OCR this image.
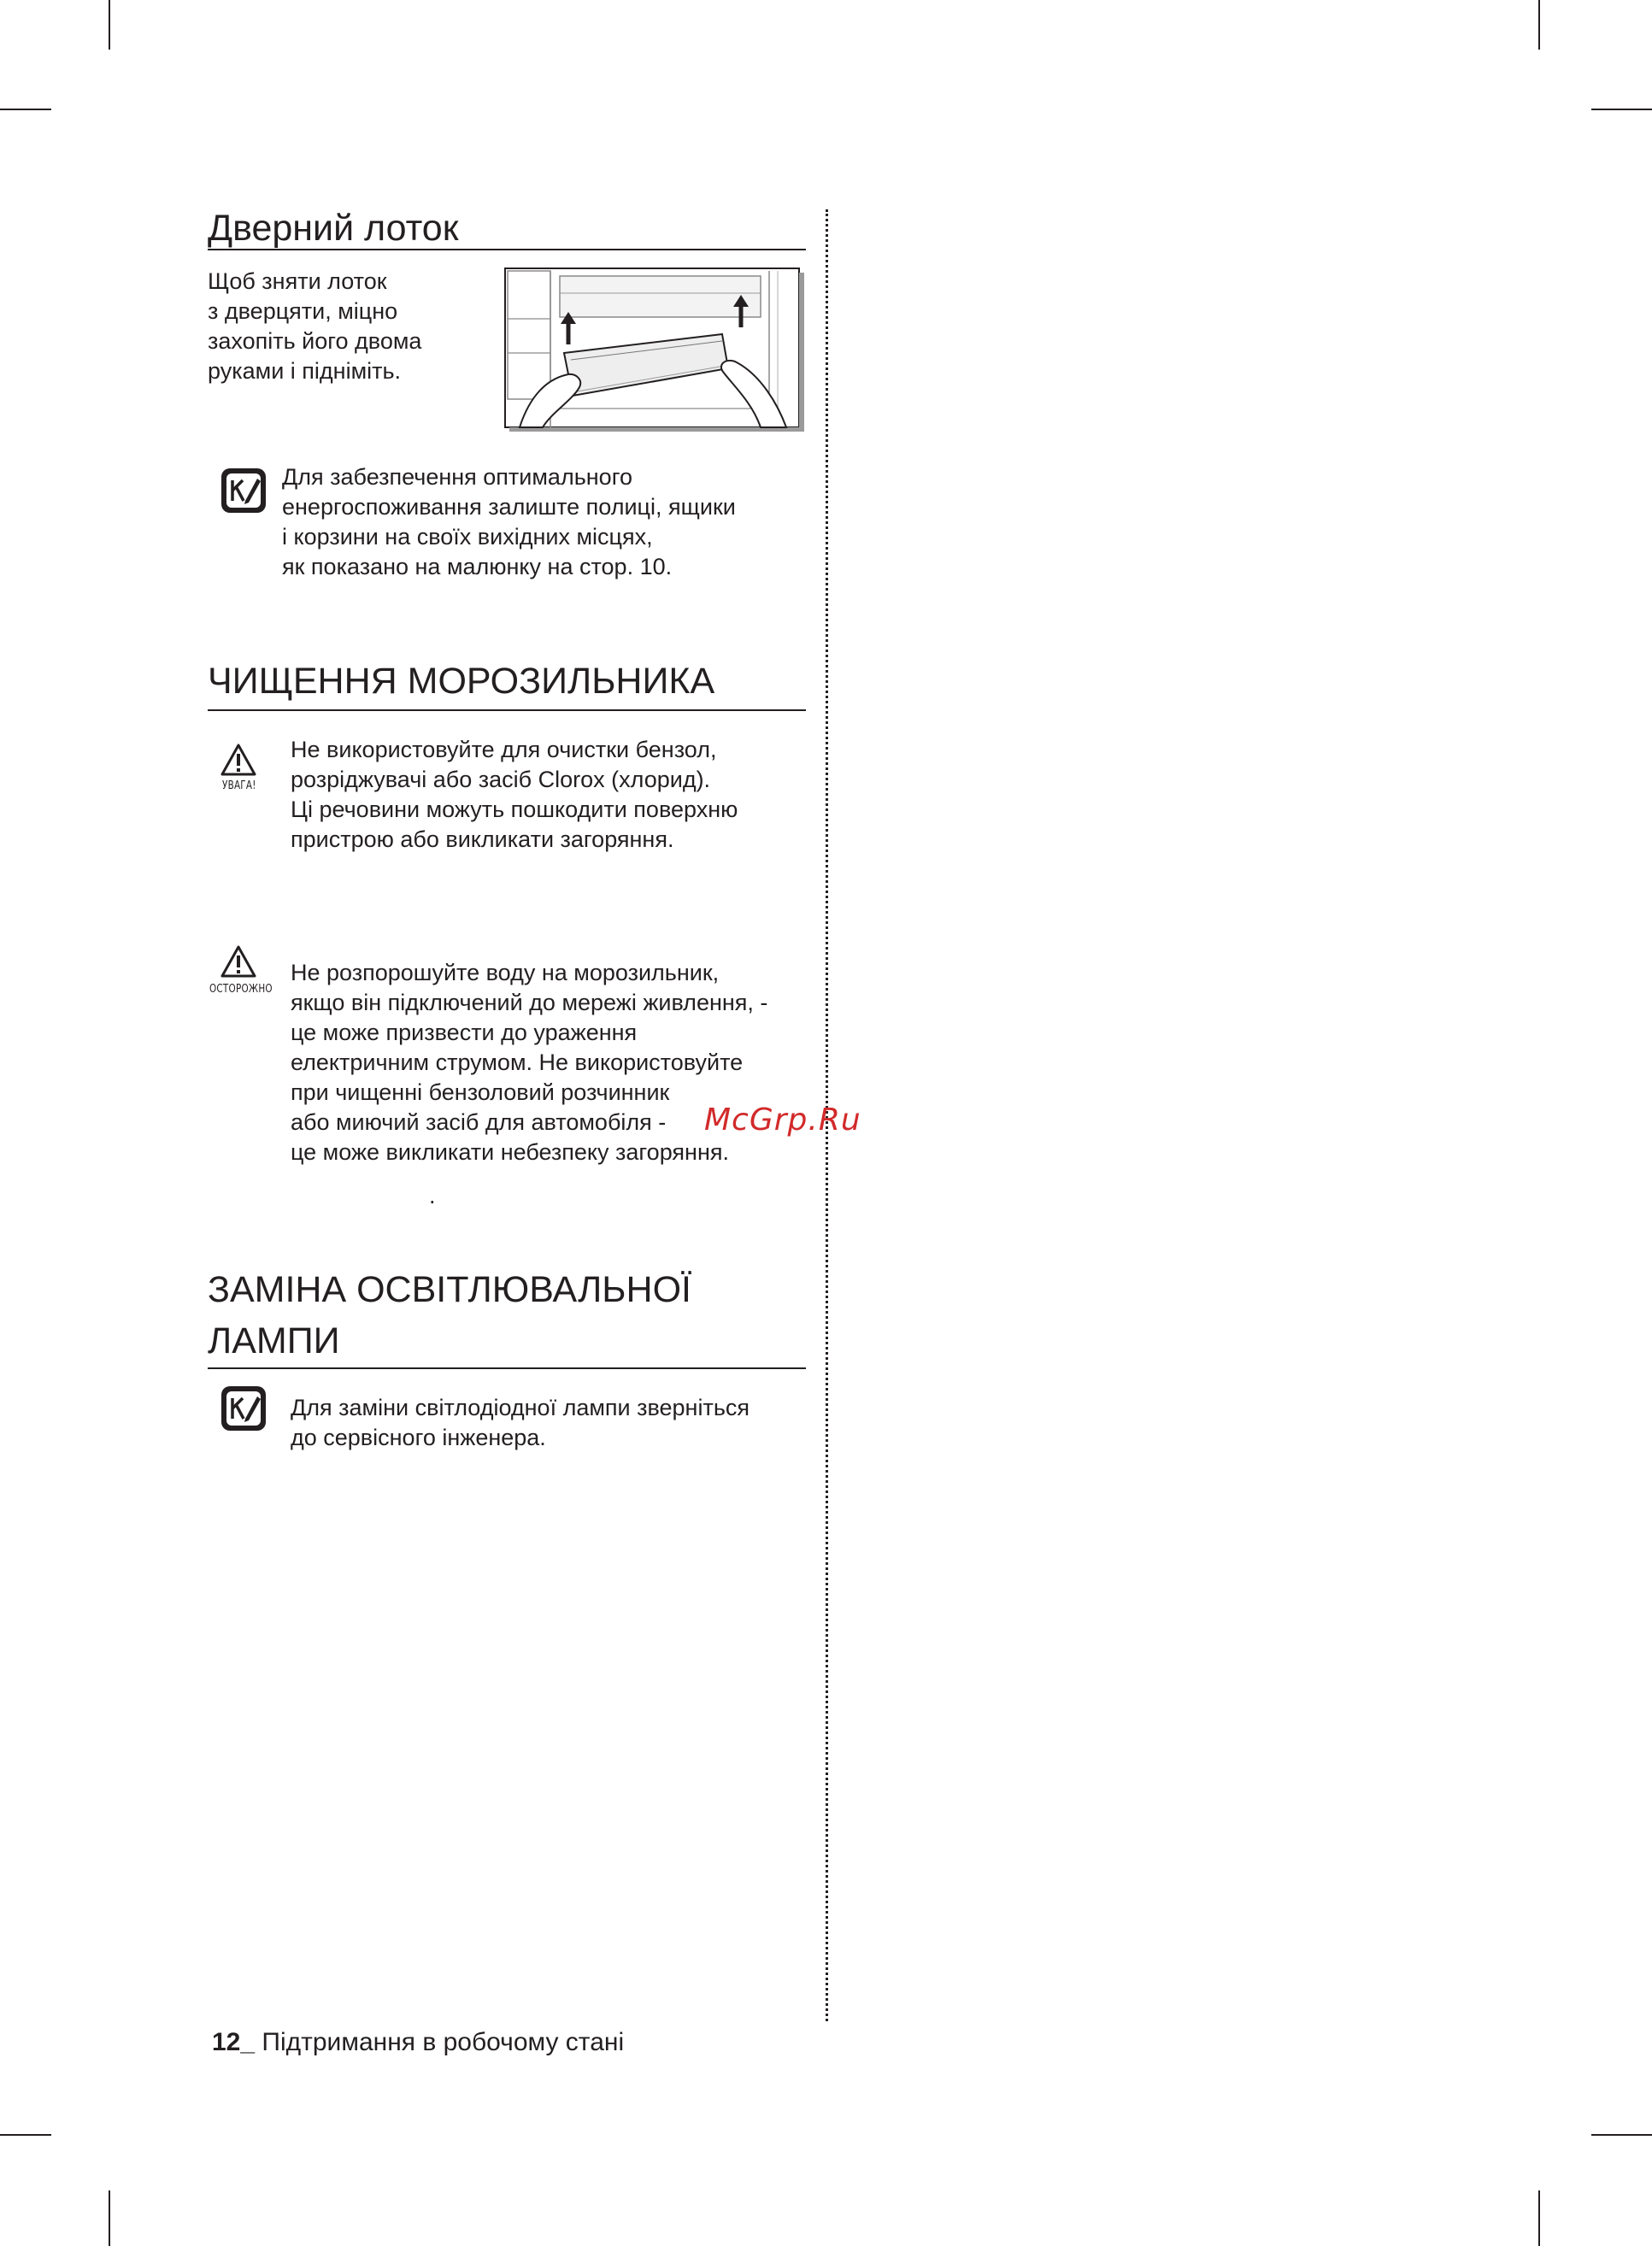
Дверний лоток
Щоб зняти лоток
з дверцяти, міцно
захопіть його двома
руками і підніміть.
Для забезпечення оптимального
енергоспоживання залиште полиці, ящики
і корзини на своїх вихідних місцях,
як показано на малюнку на стор. 10.
ЧИЩЕННЯ МОРОЗИЛЬНИКА
УВАГА!
Не використовуйте для очистки бензол,
розріджувачі або засіб Clorox (хлорид).
Ці речовини можуть пошкодити поверхню
пристрою або викликати загоряння.
ОСТОРОЖНО
Не розпорошуйте воду на морозильник,
якщо він підключений до мережі живлення, -
це може призвести до ураження
електричним струмом. Не використовуйте
при чищенні бензоловий розчинник
або миючий засіб для автомобіля -
це може викликати небезпеку загоряння.
.
McGrp.Ru
ЗАМІНА ОСВІТЛЮВАЛЬНОЇ
ЛАМПИ
Для заміни світлодіодної лампи зверніться
до сервісного інженера.
12_ Підтримання в робочому стані
